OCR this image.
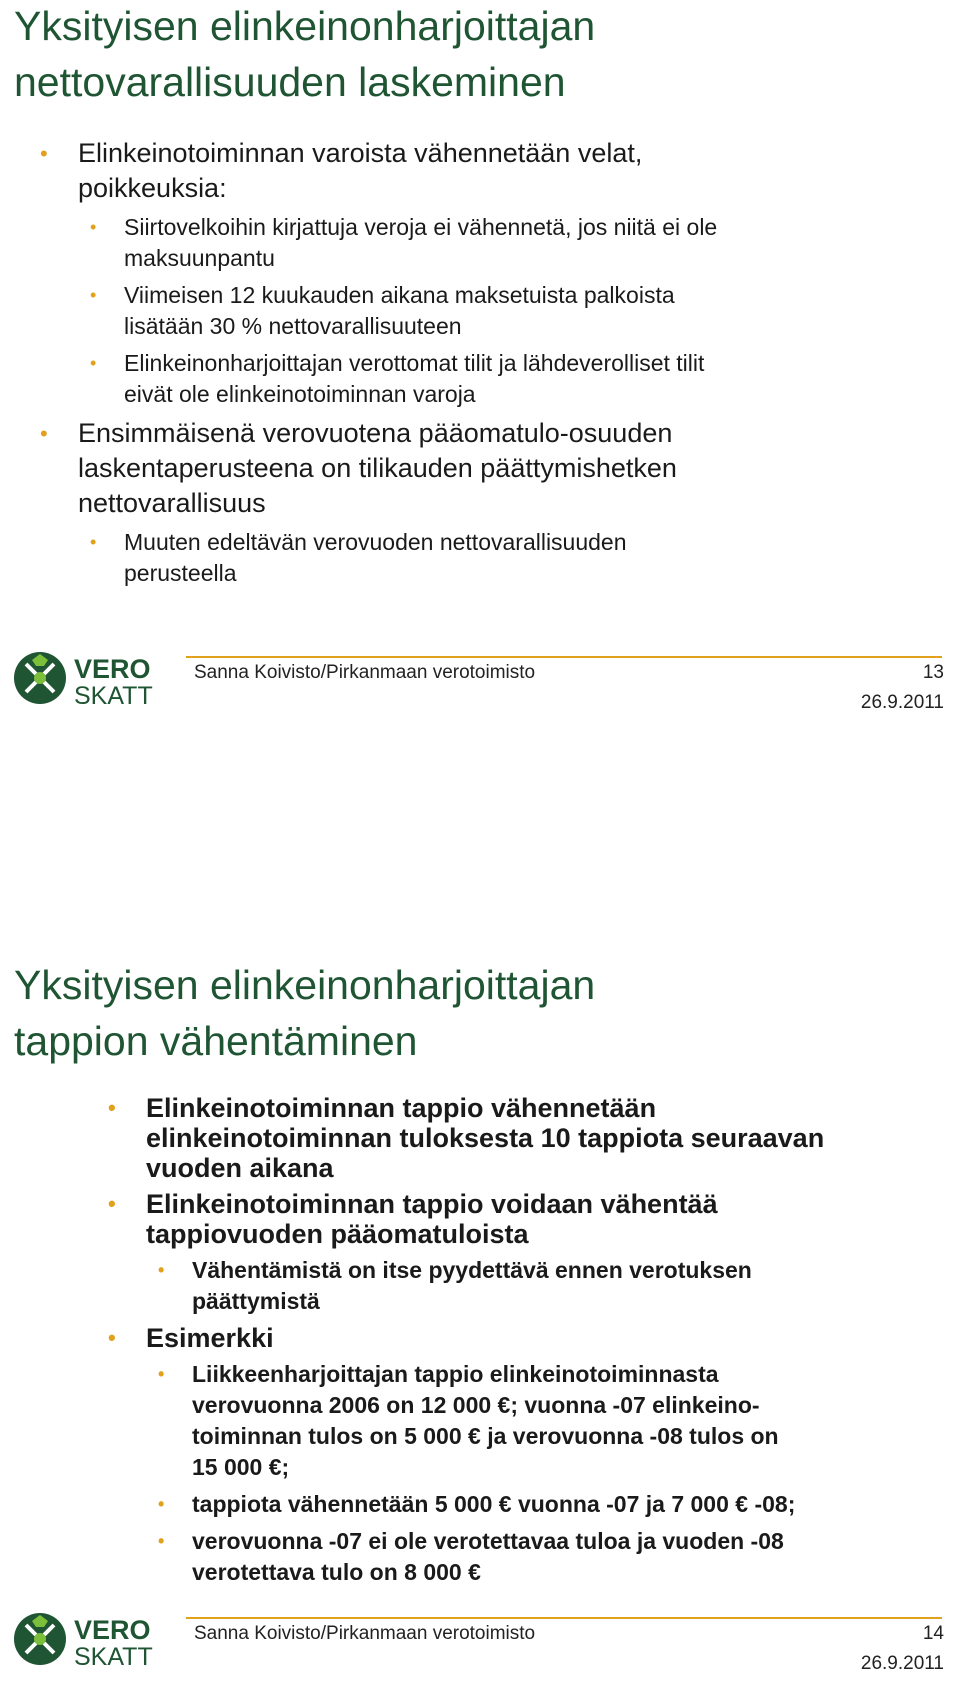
Yksityisen elinkeinonharjoittajan
nettovarallisuuden laskeminen
• Elinkeinotoiminnan varoista vähennetään velat,
poikkeuksia:
• Siirtovelkoihin kirjattuja veroja ei vähennetä, jos niitä ei ole
maksuunpantu
• Viimeisen 12 kuukauden aikana maksetuista palkoista
lisätään 30 % nettovarallisuuteen
• Elinkeinonharjoittajan verottomat tilit ja lähdeverolliset tilit
eivät ole elinkeinotoiminnan varoja
• Ensimmäisenä verovuotena pääomatulo-osuuden
laskentaperusteena on tilikauden päättymishetken
nettovarallisuus
• Muuten edeltävän verovuoden nettovarallisuuden
perusteella
VERO
SKATT
Sanna Koivisto/Pirkanmaan verotoimisto	13
26.9.2011
Yksityisen elinkeinonharjoittajan
tappion vähentäminen
• Elinkeinotoiminnan tappio vähennetään
elinkeinotoiminnan tuloksesta 10 tappiota seuraavan
vuoden aikana
• Elinkeinotoiminnan tappio voidaan vähentää
tappiovuoden pääomatuloista
• Vähentämistä on itse pyydettävä ennen verotuksen
päättymistä
• Esimerkki
• Liikkeenharjoittajan tappio elinkeinotoiminnasta
verovuonna 2006 on 12 000 €; vuonna -07 elinkeino-
toiminnan tulos on 5 000 € ja verovuonna -08 tulos on
15 000 €;
• tappiota vähennetään 5 000 € vuonna -07 ja 7 000 € -08;
• verovuonna -07 ei ole verotettavaa tuloa ja vuoden -08
verotettava tulo on 8 000 €
VERO
SKATT
Sanna Koivisto/Pirkanmaan verotoimisto	14
26.9.2011
